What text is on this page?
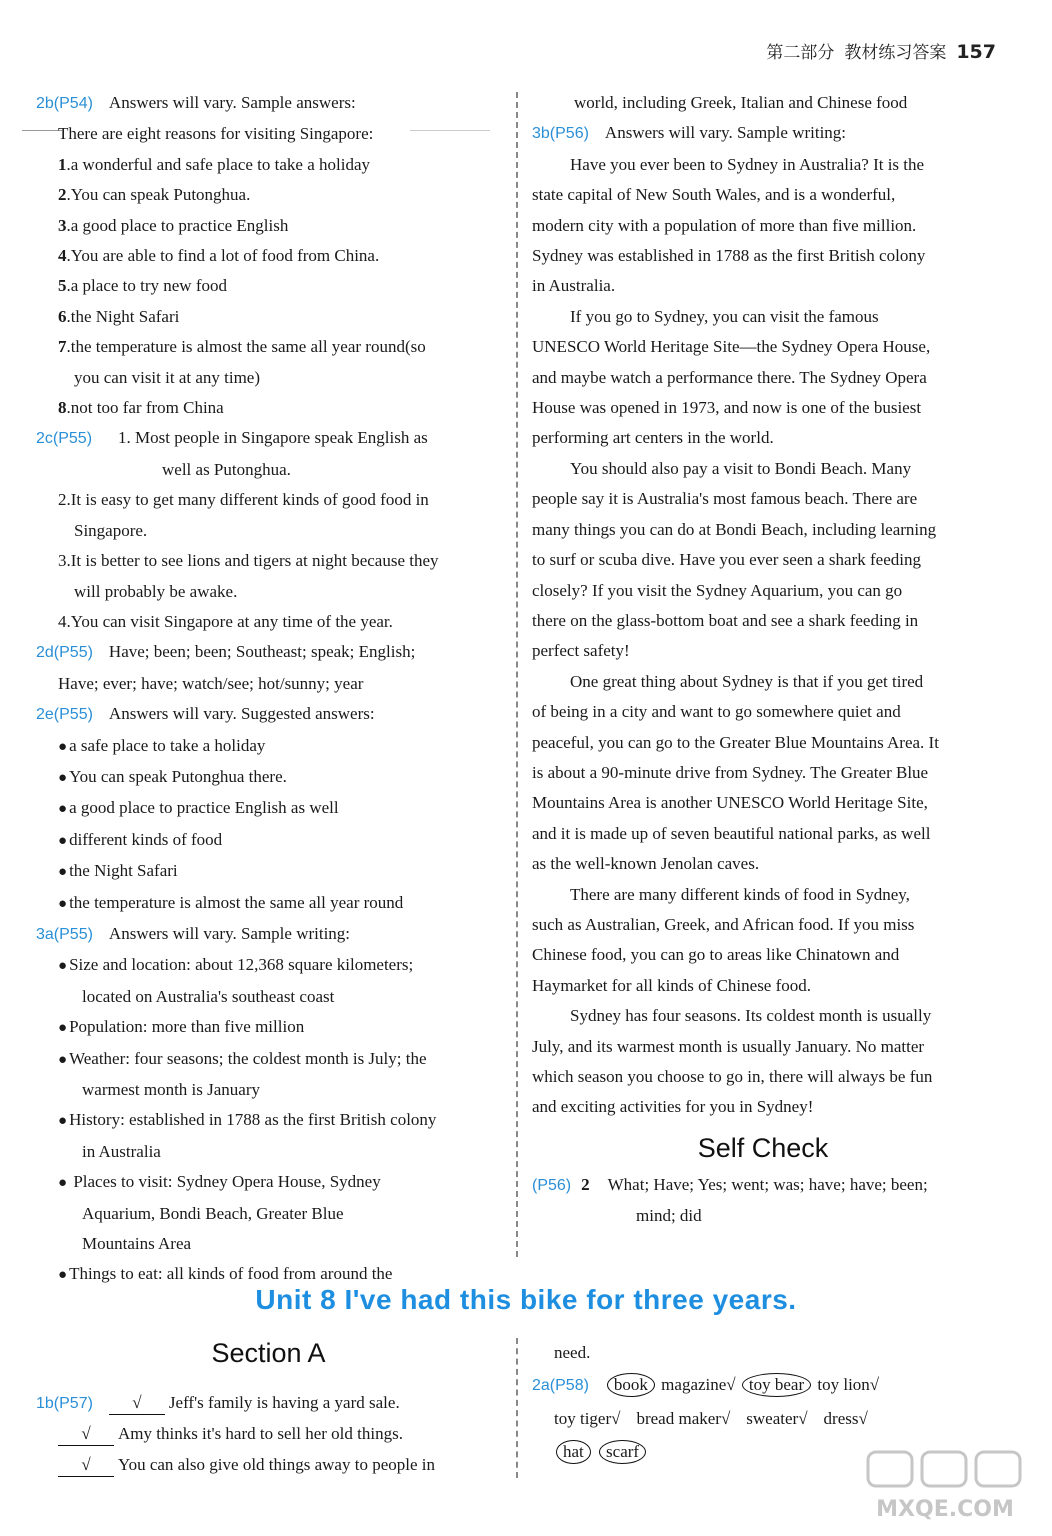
第二部分 教材练习答案 157
2b(P54) Answers will vary. Sample answers:
There are eight reasons for visiting Singapore:
1.a wonderful and safe place to take a holiday
2.You can speak Putonghua.
3.a good place to practice English
4.You are able to find a lot of food from China.
5.a place to try new food
6.the Night Safari
7.the temperature is almost the same all year round(so
you can visit it at any time)
8.not too far from China
2c(P55) 1. Most people in Singapore speak English as
well as Putonghua.
2.It is easy to get many different kinds of good food in
Singapore.
3.It is better to see lions and tigers at night because they
will probably be awake.
4.You can visit Singapore at any time of the year.
2d(P55) Have; been; been; Southeast; speak; English;
Have; ever; have; watch/see; hot/sunny; year
2e(P55) Answers will vary. Suggested answers:
● a safe place to take a holiday
● You can speak Putonghua there.
● a good place to practice English as well
● different kinds of food
● the Night Safari
● the temperature is almost the same all year round
3a(P55) Answers will vary. Sample writing:
● Size and location: about 12,368 square kilometers;
located on Australia's southeast coast
● Population: more than five million
● Weather: four seasons; the coldest month is July; the
warmest month is January
● History: established in 1788 as the first British colony
in Australia
● Places to visit: Sydney Opera House, Sydney
Aquarium, Bondi Beach, Greater Blue
Mountains Area
● Things to eat: all kinds of food from around the
world, including Greek, Italian and Chinese food
3b(P56) Answers will vary. Sample writing:
Have you ever been to Sydney in Australia? It is the
state capital of New South Wales, and is a wonderful,
modern city with a population of more than five million.
Sydney was established in 1788 as the first British colony
in Australia.
If you go to Sydney, you can visit the famous
UNESCO World Heritage Site—the Sydney Opera House,
and maybe watch a performance there. The Sydney Opera
House was opened in 1973, and now is one of the busiest
performing art centers in the world.
You should also pay a visit to Bondi Beach. Many
people say it is Australia's most famous beach. There are
many things you can do at Bondi Beach, including learning
to surf or scuba dive. Have you ever seen a shark feeding
closely? If you visit the Sydney Aquarium, you can go
there on the glass-bottom boat and see a shark feeding in
perfect safety!
One great thing about Sydney is that if you get tired
of being in a city and want to go somewhere quiet and
peaceful, you can go to the Greater Blue Mountains Area. It
is about a 90-minute drive from Sydney. The Greater Blue
Mountains Area is another UNESCO World Heritage Site,
and it is made up of seven beautiful national parks, as well
as the well-known Jenolan caves.
There are many different kinds of food in Sydney,
such as Australian, Greek, and African food. If you miss
Chinese food, you can go to areas like Chinatown and
Haymarket for all kinds of Chinese food.
Sydney has four seasons. Its coldest month is usually
July, and its warmest month is usually January. No matter
which season you choose to go in, there will always be fun
and exciting activities for you in Sydney!
Self Check
(P56) 2 What; Have; Yes; went; was; have; have; been;
mind; did
Unit 8 I've had this bike for three years.
Section A
1b(P57) √ Jeff's family is having a yard sale.
√ Amy thinks it's hard to sell her old things.
√ You can also give old things away to people in
need.
2a(P58) book magazine√ toy bear toy lion√
toy tiger√ bread maker√ sweater√ dress√
hat scarf
MXQE.COM
